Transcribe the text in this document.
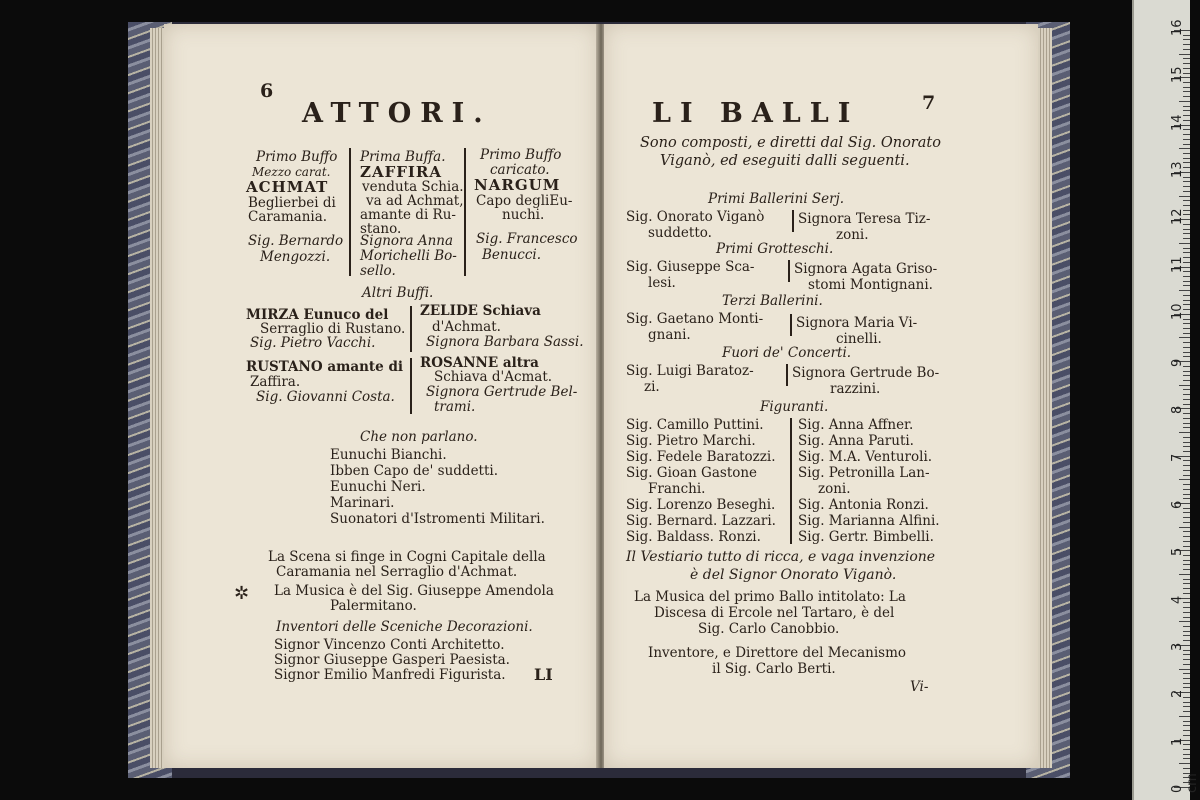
6
ATTORI.
Primo Buffo
Mezzo carat.
ACHMAT
Beglierbei di
Caramania.
Sig. Bernardo
Mengozzi.
Prima Buffa.
ZAFFIRA
venduta Schia.
va ad Achmat,
amante di Ru-
stano.
Signora Anna
Morichelli Bo-
sello.
Primo Buffo
caricato.
NARGUM
Capo degliEu-
nuchi.
Sig. Francesco
Benucci.
Altri Buffi.
MIRZA Eunuco del
Serraglio di Rustano.
Sig. Pietro Vacchi.
ZELIDE Schiava
d'Achmat.
Signora Barbara Sassi.
RUSTANO amante di
Zaffira.
Sig. Giovanni Costa.
ROSANNE altra
Schiava d'Acmat.
Signora Gertrude Bel-
trami.
Che non parlano.
Eunuchi Bianchi.
Ibben Capo de' suddetti.
Eunuchi Neri.
Marinari.
Suonatori d'Istromenti Militari.
La Scena si finge in Cogni Capitale della
Caramania nel Serraglio d'Achmat.
✲ La Musica è del Sig. Giuseppe Amendola
Palermitano.
Inventori delle Sceniche Decorazioni.
Signor Vincenzo Conti Architetto.
Signor Giuseppe Gasperi Paesista.
Signor Emilio Manfredi Figurista. LI
LI BALLI	7
Sono composti, e diretti dal Sig. Onorato
Viganò, ed eseguiti dalli seguenti.
Primi Ballerini Serj.
Sig. Onorato Viganò
suddetto.
Signora Teresa Tiz-
zoni.
Primi Grotteschi.
Sig. Giuseppe Sca-
lesi.
Signora Agata Griso-
stomi Montignani.
Terzi Ballerini.
Sig. Gaetano Monti-
gnani.
Signora Maria Vi-
cinelli.
Fuori de' Concerti.
Sig. Luigi Baratoz-
zi.
Signora Gertrude Bo-
razzini.
Figuranti.
Sig. Camillo Puttini.
Sig. Pietro Marchi.
Sig. Fedele Baratozzi.
Sig. Gioan Gastone
Franchi.
Sig. Lorenzo Beseghi.
Sig. Bernard. Lazzari.
Sig. Baldass. Ronzi.
Sig. Anna Affner.
Sig. Anna Paruti.
Sig. M.A. Venturoli.
Sig. Petronilla Lan-
zoni.
Sig. Antonia Ronzi.
Sig. Marianna Alfini.
Sig. Gertr. Bimbelli.
Il Vestiario tutto di ricca, e vaga invenzione
è del Signor Onorato Viganò.
La Musica del primo Ballo intitolato: La
Discesa di Ercole nel Tartaro, è del
Sig. Carlo Canobbio.
Inventore, e Direttore del Mecanismo
il Sig. Carlo Berti.
Vi-
16
15
14
13
12
11
10
9
8
7
6
5
4
3
2
1
0 cm
